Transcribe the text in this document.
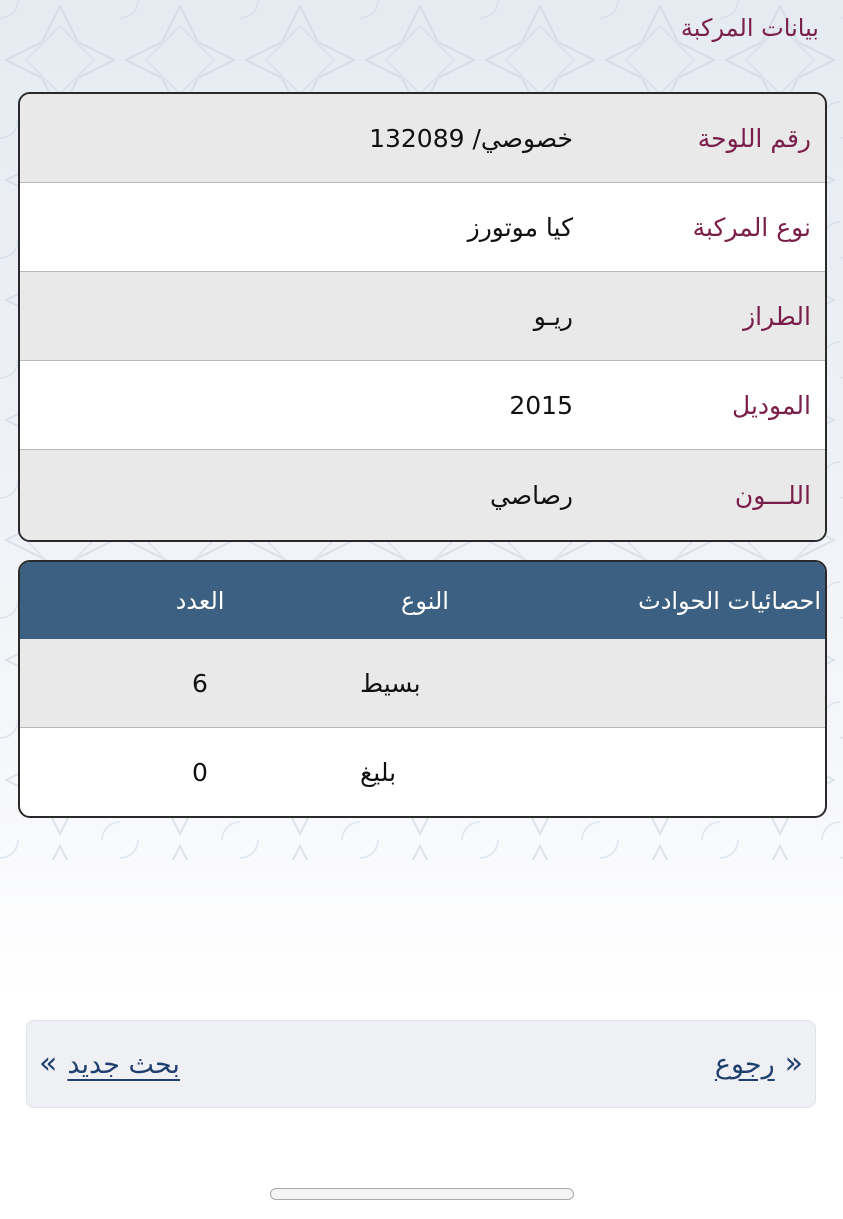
بيانات المركبة
رقم اللوحة
خصوصي/ 132089
نوع المركبة
كيا موتورز
الطراز
ريـو
الموديل
2015
اللـــون
رصاصي
احصائيات الحوادث
النوع
العدد
بسيط
6
بليغ
0
«
رجوع
بحث جديد
»
